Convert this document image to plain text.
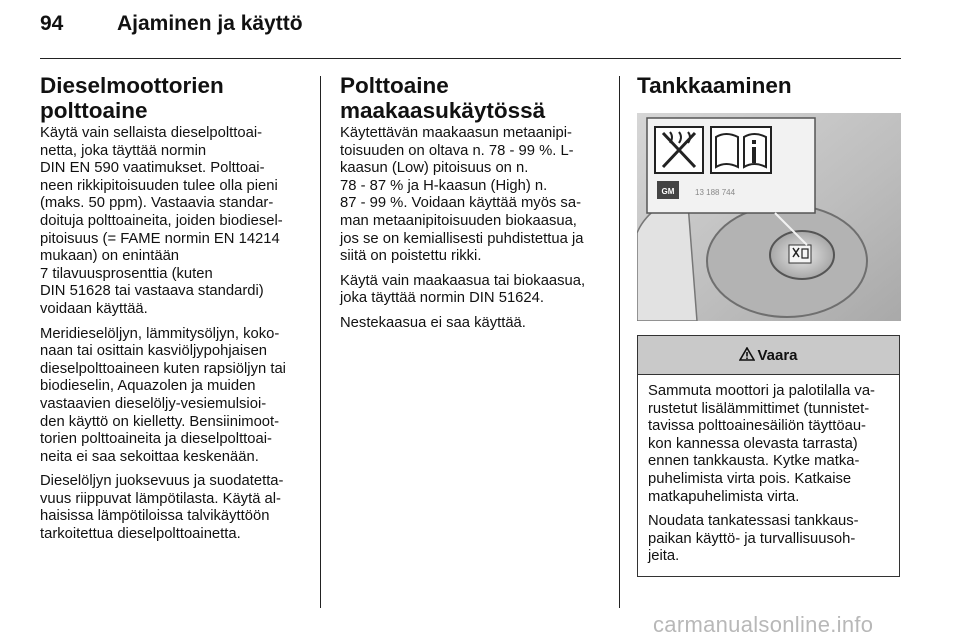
94	Ajaminen ja käyttö
Dieselmoottorien
polttoaine

Käytä vain sellaista dieselpolttoai-
netta, joka täyttää normin
DIN EN 590 vaatimukset. Polttoai-
neen rikkipitoisuuden tulee olla pieni
(maks. 50 ppm). Vastaavia standar-
doituja polttoaineita, joiden biodiesel-
pitoisuus (= FAME normin EN 14214
mukaan) on enintään
7 tilavuusprosenttia (kuten
DIN 51628 tai vastaava standardi)
voidaan käyttää.

Meridieselöljyn, lämmitysöljyn, koko-
naan tai osittain kasviöljypohjaisen
dieselpolttoaineen kuten rapsiöljyn tai
biodieselin, Aquazolen ja muiden
vastaavien dieselöljy-vesiemulsioi-
den käyttö on kielletty. Bensiinimoot-
torien polttoaineita ja dieselpolttoai-
neita ei saa sekoittaa keskenään.

Dieselöljyn juoksevuus ja suodatetta-
vuus riippuvat lämpötilasta. Käytä al-
haisissa lämpötiloissa talvikäyttöön
tarkoitettua dieselpolttoainetta.

Polttoaine
maakaasukäytössä

Käytettävän maakaasun metaanipi-
toisuuden on oltava n. 78 - 99 %. L-
kaasun (Low) pitoisuus on n.
78 - 87 % ja H-kaasun (High) n.
87 - 99 %. Voidaan käyttää myös sa-
man metaanipitoisuuden biokaasua,
jos se on kemiallisesti puhdistettua ja
siitä on poistettu rikki.

Käytä vain maakaasua tai biokaasua,
joka täyttää normin DIN 51624.

Nestekaasua ei saa käyttää.

Tankkaaminen
GM	13 188 744
Vaara

Sammuta moottori ja palotilalla va-
rustetut lisälämmittimet (tunnistet-
tavissa polttoainesäiliön täyttöau-
kon kannessa olevasta tarrasta)
ennen tankkausta. Kytke matka-
puhelimista virta pois. Katkaise
matkapuhelimista virta.

Noudata tankatessasi tankkaus-
paikan käyttö- ja turvallisuusoh-
jeita.

carmanualsonline.info
